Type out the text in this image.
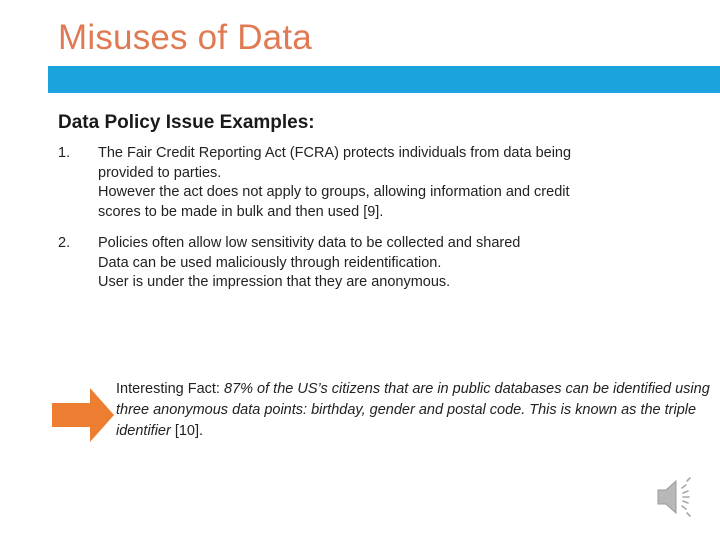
Misuses of Data
Data Policy Issue Examples:
1.	The Fair Credit Reporting Act (FCRA) protects individuals from data being
provided to parties.
However the act does not apply to groups, allowing information and credit
scores to be made in bulk and then used [9].
2.	Policies often allow low sensitivity data to be collected and shared
Data can be used maliciously through reidentification.
User is under the impression that they are anonymous.
Interesting Fact: 87% of the US’s citizens that are in public databases can be identified using three anonymous data points: birthday, gender and postal code. This is known as the triple identifier [10].
